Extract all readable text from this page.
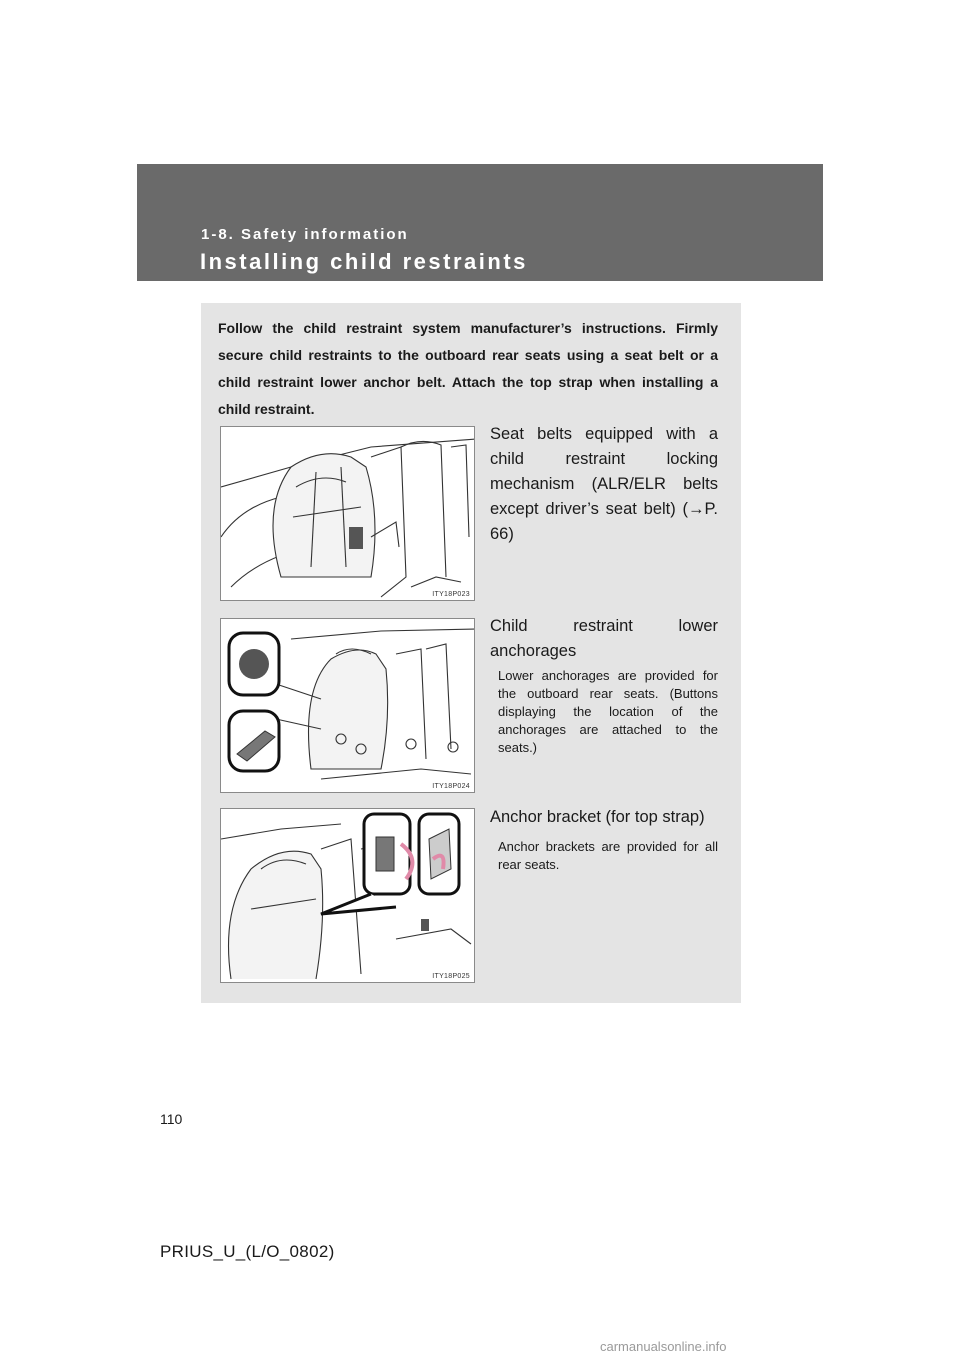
1-8. Safety information
Installing child restraints
Follow the child restraint system manufacturer’s instructions. Firmly secure child restraints to the outboard rear seats using a seat belt or a child restraint lower anchor belt. Attach the top strap when installing a child restraint.
ITY18P023
Seat belts equipped with a child restraint locking mechanism (ALR/ELR belts except driver’s seat belt) (→P. 66)
ITY18P024
Child restraint lower anchorages
Lower anchorages are provided for the outboard rear seats. (Buttons displaying the location of the anchorages are attached to the seats.)
ITY18P025
Anchor bracket (for top strap)
Anchor brackets are provided for all rear seats.
110
PRIUS_U_(L/O_0802)
carmanualsonline.info
